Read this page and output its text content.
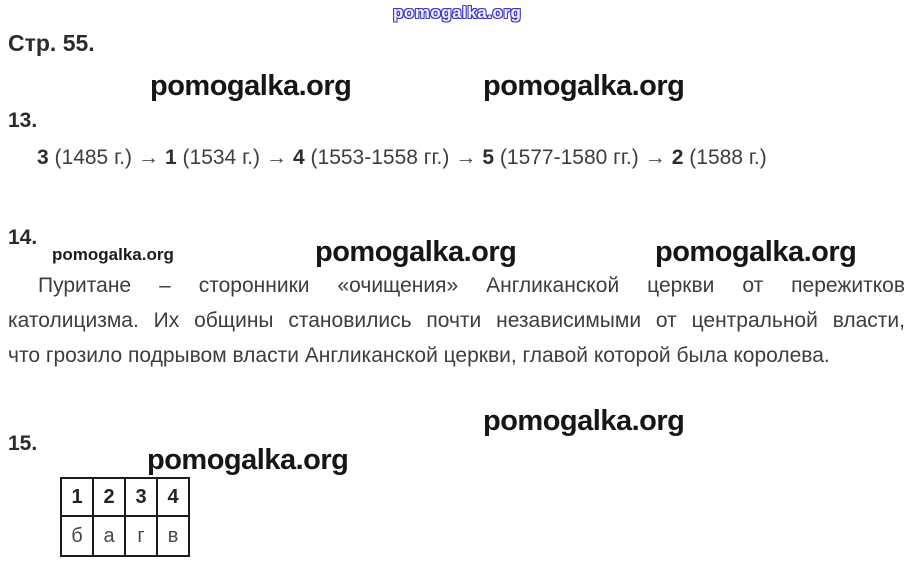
pomogalka.org
Стр. 55.
pomogalka.org	pomogalka.org
13.
3 (1485 г.) → 1 (1534 г.) → 4 (1553-1558 гг.) → 5 (1577-1580 гг.) → 2 (1588 г.)
14.
pomogalka.org	pomogalka.org	pomogalka.org
Пуритане – сторонники «очищения» Англиканской церкви от пережитков
католицизма. Их общины становились почти независимыми от центральной власти,
что грозило подрывом власти Англиканской церкви, главой которой была королева.
pomogalka.org
15.
pomogalka.org
1	2	3	4
б	а	г	в
